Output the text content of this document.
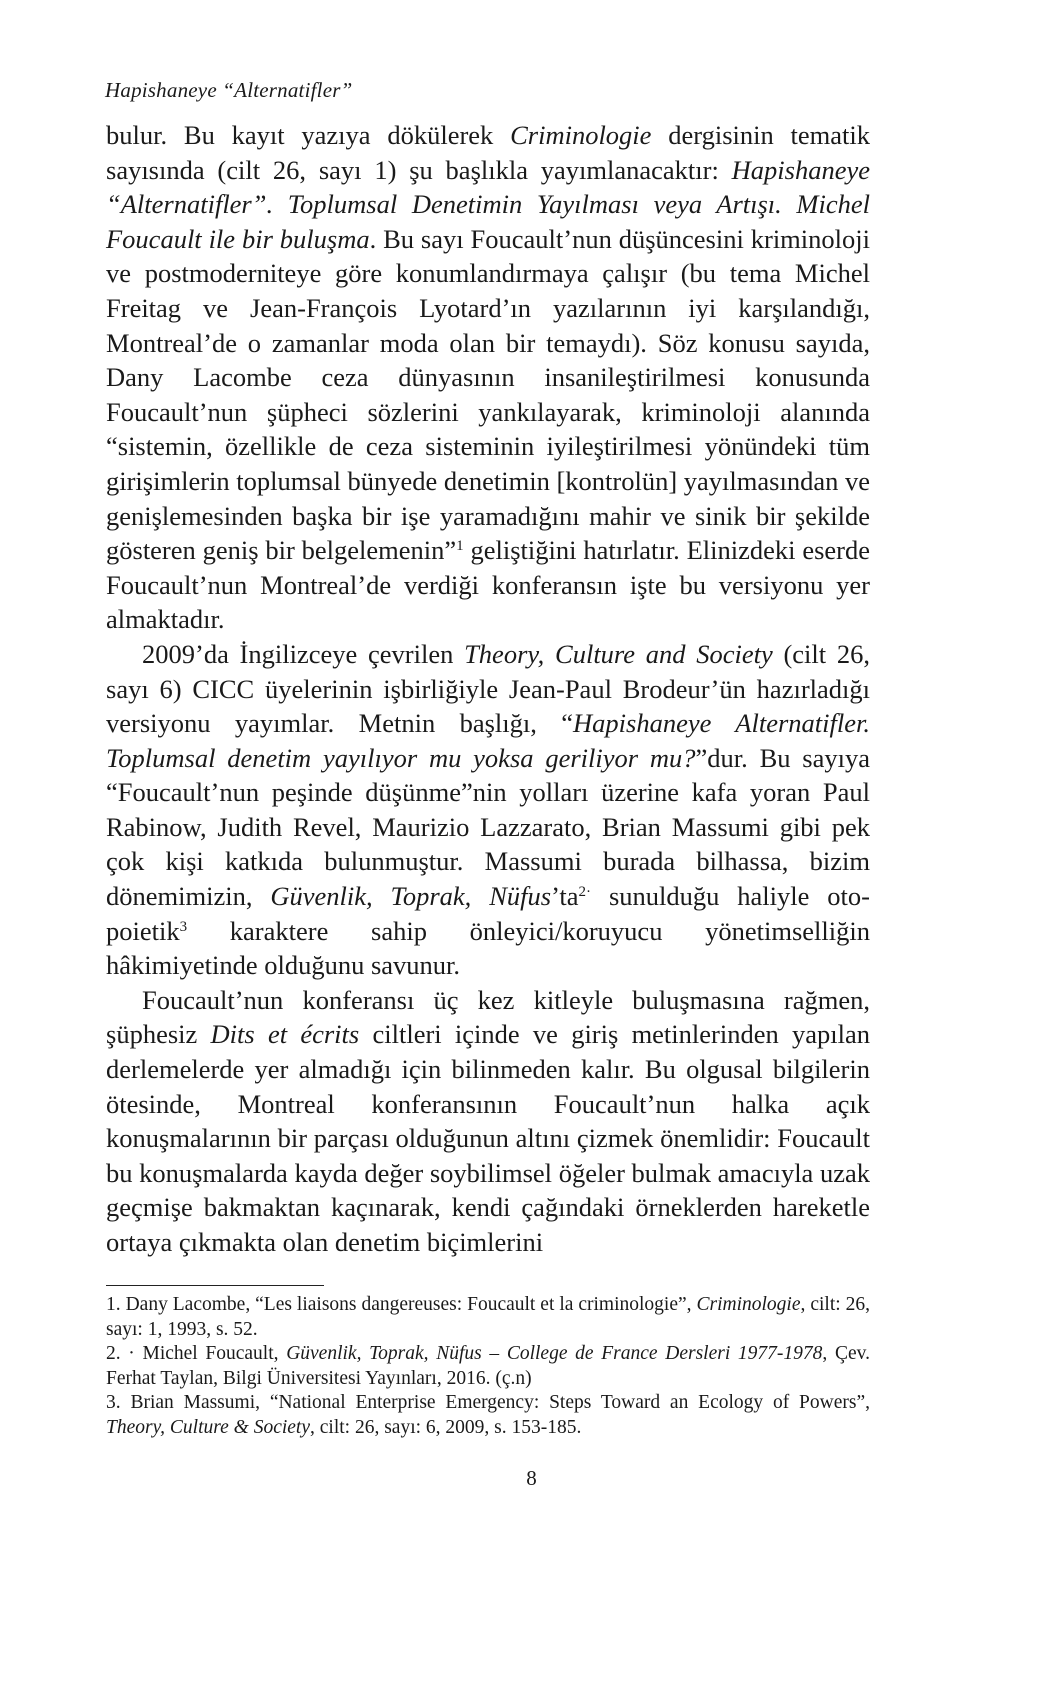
Hapishaneye “Alternatifler”

bulur. Bu kayıt yazıya dökülerek Criminologie dergisinin tematik sayısında (cilt 26, sayı 1) şu başlıkla yayımlanacaktır: Hapishaneye “Alternatifler”. Toplumsal Denetimin Yayılması veya Artışı. Michel Foucault ile bir buluşma. Bu sayı Foucault’nun düşüncesini kriminoloji ve postmoderniteye göre konumlandırmaya çalışır (bu tema Michel Freitag ve Jean-François Lyotard’ın yazılarının iyi karşılandığı, Montreal’de o zamanlar moda olan bir temaydı). Söz konusu sayıda, Dany Lacombe ceza dünyasının insanileştirilmesi konusunda Foucault’nun şüpheci sözlerini yankılayarak, kriminoloji alanında “sistemin, özellikle de ceza sisteminin iyileştirilmesi yönündeki tüm girişimlerin toplumsal bünyede denetimin [kontrolün] yayılmasından ve genişlemesinden başka bir işe yaramadığını mahir ve sinik bir şekilde gösteren geniş bir belgelemenin”$^1$ geliştiğini hatırlatır. Elinizdeki eserde Foucault’nun Montreal’de verdiği konferansın işte bu versiyonu yer almaktadır.

2009’da İngilizceye çevrilen Theory, Culture and Society (cilt 26, sayı 6) CICC üyelerinin işbirliğiyle Jean-Paul Brodeur’ün hazırladığı versiyonu yayımlar. Metnin başlığı, “Hapishaneye Alternatifler. Toplumsal denetim yayılıyor mu yoksa geriliyor mu?”dur. Bu sayıya “Foucault’nun peşinde düşünme”nin yolları üzerine kafa yoran Paul Rabinow, Judith Revel, Maurizio Lazzarato, Brian Massumi gibi pek çok kişi katkıda bulunmuştur. Massumi burada bilhassa, bizim dönemimizin, Güvenlik, Toprak, Nüfus’ta$^{2\cdot}$ sunulduğu haliyle oto-poietik$^3$ karaktere sahip önleyici/koruyucu yönetimselliğin hâkimiyetinde olduğunu savunur.

Foucault’nun konferansı üç kez kitleyle buluşmasına rağmen, şüphesiz Dits et écrits ciltleri içinde ve giriş metinlerinden yapılan derlemelerde yer almadığı için bilinmeden kalır. Bu olgusal bilgilerin ötesinde, Montreal konferansının Foucault’nun halka açık konuşmalarının bir parçası olduğunun altını çizmek önemlidir: Foucault bu konuşmalarda kayda değer soybilimsel öğeler bulmak amacıyla uzak geçmişe bakmaktan kaçınarak, kendi çağındaki örneklerden hareketle ortaya çıkmakta olan denetim biçimlerini

1. Dany Lacombe, “Les liaisons dangereuses: Foucault et la criminologie”, Criminologie, cilt: 26, sayı: 1, 1993, s. 52.

2. · Michel Foucault, Güvenlik, Toprak, Nüfus – College de France Dersleri 1977-1978, Çev. Ferhat Taylan, Bilgi Üniversitesi Yayınları, 2016. (ç.n)

3. Brian Massumi, “National Enterprise Emergency: Steps Toward an Ecology of Powers”, Theory, Culture & Society, cilt: 26, sayı: 6, 2009, s. 153-185.

8
